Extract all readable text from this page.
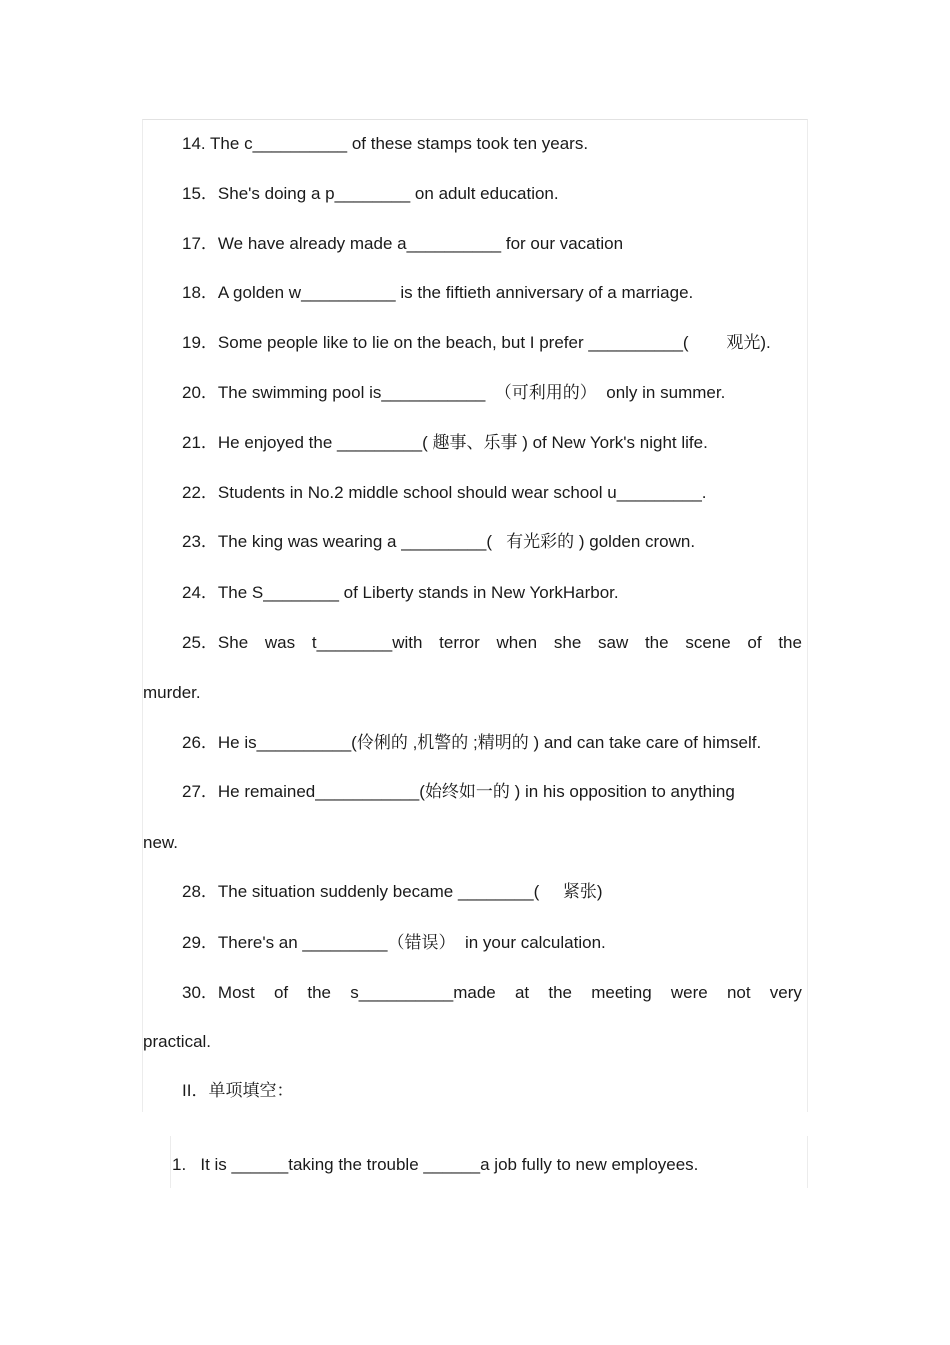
14. The c__________ of these stamps took ten years.
15．She's doing a p________ on adult education.
17．We have already made a__________ for our vacation
18．A golden w__________ is the fiftieth anniversary of a marriage.
19．Some people like to lie on the beach, but I prefer __________(        观光).
20．The swimming pool is___________  （可利用的）  only in summer.
21．He enjoyed the _________( 趣事、乐事 ) of New York's night life.
22．Students in No.2 middle school should wear school u_________.
23．The king was wearing a _________(   有光彩的 ) golden crown.
24．The S________ of Liberty stands in New YorkHarbor.
25．She was t________with terror when she saw the scene of the
murder.
26．He is__________(伶俐的 ,机警的 ;精明的 ) and can take care of himself.
27．He remained___________(始终如一的 ) in his opposition to anything
new.
28．The situation suddenly became ________(     紧张)
29．There's an _________（错误）  in your calculation.
30．Most of the s__________made at the meeting were not very
practical.
II．单项填空：
1.   It is ______taking the trouble ______a job fully to new employees.
